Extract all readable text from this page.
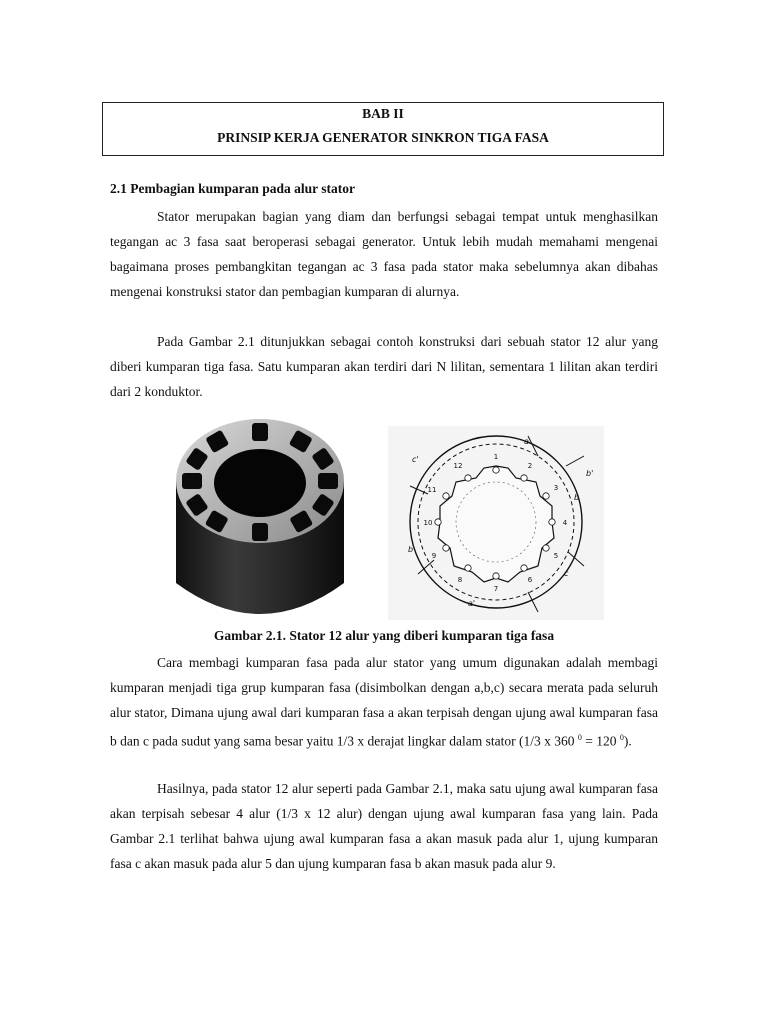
BAB II
PRINSIP KERJA GENERATOR SINKRON TIGA FASA
2.1 Pembagian kumparan pada alur stator

Stator merupakan bagian yang diam dan berfungsi sebagai tempat untuk menghasilkan tegangan ac 3 fasa saat beroperasi sebagai generator. Untuk lebih mudah memahami mengenai bagaimana proses pembangkitan tegangan ac 3 fasa pada stator maka sebelumnya akan dibahas mengenai konstruksi stator dan pembagian kumparan di alurnya.

Pada Gambar 2.1 ditunjukkan sebagai contoh konstruksi dari sebuah stator 12 alur yang diberi kumparan tiga fasa. Satu kumparan akan terdiri dari N lilitan, sementara 1 lilitan akan terdiri dari 2 konduktor.

1
2
3
4
5
6
7
8
9
10
11
12
a
b
b
c
a'
b'
c'
Gambar 2.1. Stator 12 alur yang diberi kumparan tiga fasa

Cara membagi kumparan fasa pada alur stator yang umum digunakan adalah membagi kumparan menjadi tiga grup kumparan fasa (disimbolkan dengan a,b,c) secara merata pada seluruh alur stator, Dimana ujung awal dari kumparan fasa a akan terpisah dengan ujung awal kumparan fasa b dan c pada sudut yang sama besar yaitu 1/3 x derajat lingkar dalam stator (1/3 x 360 $^0$ = 120 $^0$).

Hasilnya, pada stator 12 alur seperti pada Gambar 2.1, maka satu ujung awal kumparan fasa akan terpisah sebesar 4 alur (1/3 x 12 alur) dengan ujung awal kumparan fasa yang lain. Pada Gambar 2.1 terlihat bahwa ujung awal kumparan fasa a akan masuk pada alur 1, ujung kumparan fasa c akan masuk pada alur 5 dan ujung kumparan fasa b akan masuk pada alur 9.
